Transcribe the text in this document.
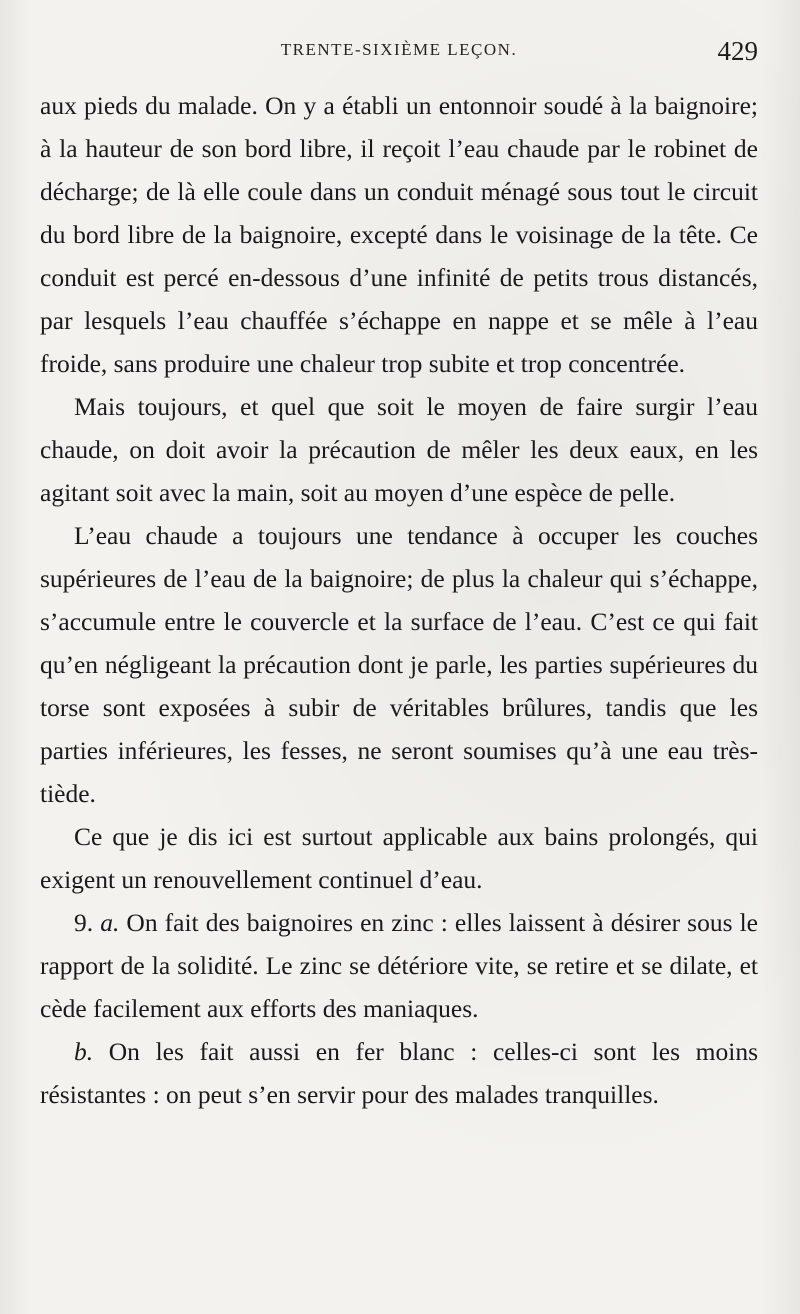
TRENTE-SIXIÈME LEÇON.	429

aux pieds du malade. On y a établi un entonnoir soudé à la baignoire; à la hauteur de son bord libre, il reçoit l’eau chaude par le robinet de décharge; de là elle coule dans un conduit ménagé sous tout le circuit du bord libre de la baignoire, excepté dans le voisinage de la tête. Ce conduit est percé en-dessous d’une infinité de petits trous distancés, par lesquels l’eau chauffée s’échappe en nappe et se mêle à l’eau froide, sans produire une chaleur trop subite et trop concentrée.

Mais toujours, et quel que soit le moyen de faire surgir l’eau chaude, on doit avoir la précaution de mêler les deux eaux, en les agitant soit avec la main, soit au moyen d’une espèce de pelle.

L’eau chaude a toujours une tendance à occuper les couches supérieures de l’eau de la baignoire; de plus la chaleur qui s’échappe, s’accumule entre le couvercle et la surface de l’eau. C’est ce qui fait qu’en négligeant la précaution dont je parle, les parties supérieures du torse sont exposées à subir de véritables brûlures, tandis que les parties inférieures, les fesses, ne seront soumises qu’à une eau très-tiède.

Ce que je dis ici est surtout applicable aux bains prolongés, qui exigent un renouvellement continuel d’eau.

9. a. On fait des baignoires en zinc : elles laissent à désirer sous le rapport de la solidité. Le zinc se détériore vite, se retire et se dilate, et cède facilement aux efforts des maniaques.

b. On les fait aussi en fer blanc : celles-ci sont les moins résistantes : on peut s’en servir pour des malades tranquilles.
